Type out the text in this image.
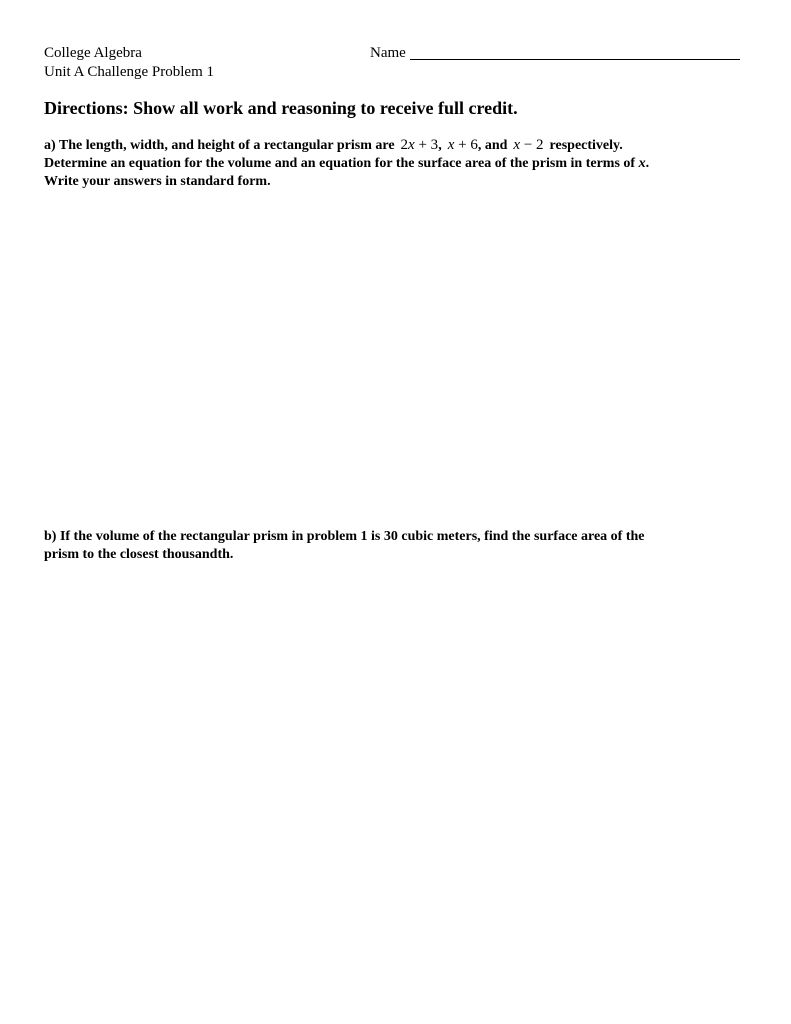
College Algebra
Unit A Challenge Problem 1
Name
Directions: Show all work and reasoning to receive full credit.
a) The length, width, and height of a rectangular prism are 2x + 3, x + 6, and x − 2 respectively.
Determine an equation for the volume and an equation for the surface area of the prism in terms of x.
Write your answers in standard form.
b) If the volume of the rectangular prism in problem 1 is 30 cubic meters, find the surface area of the
prism to the closest thousandth.
